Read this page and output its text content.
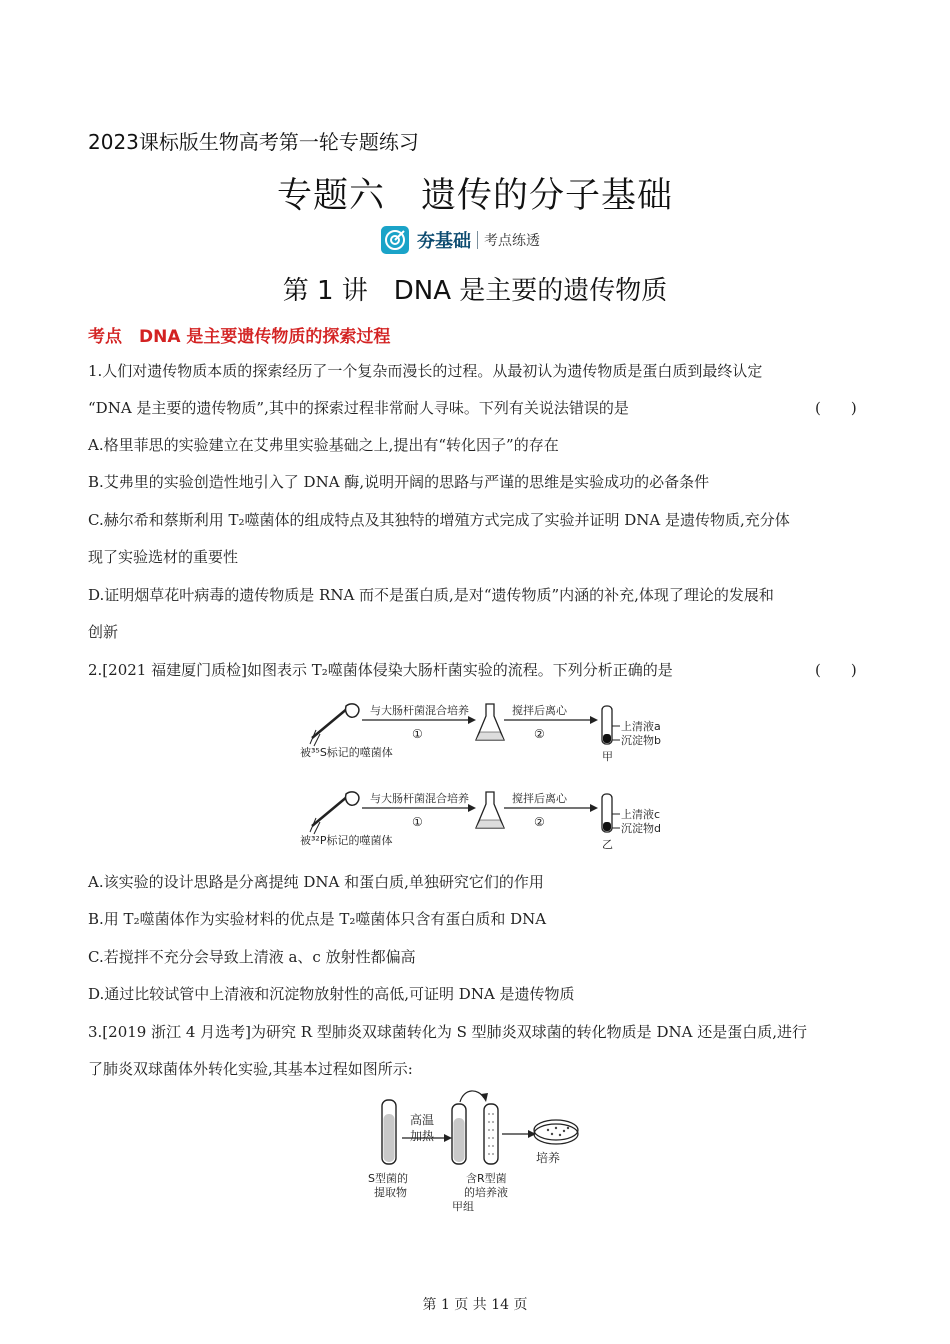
2023课标版生物高考第一轮专题练习
专题六　遗传的分子基础
夯基础 考点练透
第 1 讲　DNA 是主要的遗传物质
考点　DNA 是主要遗传物质的探索过程
1.人们对遗传物质本质的探索经历了一个复杂而漫长的过程。从最初认为遗传物质是蛋白质到最终认定
“DNA 是主要的遗传物质”,其中的探索过程非常耐人寻味。下列有关说法错误的是	(　　)
A.格里菲思的实验建立在艾弗里实验基础之上,提出有“转化因子”的存在
B.艾弗里的实验创造性地引入了 DNA 酶,说明开阔的思路与严谨的思维是实验成功的必备条件
C.赫尔希和蔡斯利用 T₂噬菌体的组成特点及其独特的增殖方式完成了实验并证明 DNA 是遗传物质,充分体
现了实验选材的重要性
D.证明烟草花叶病毒的遗传物质是 RNA 而不是蛋白质,是对“遗传物质”内涵的补充,体现了理论的发展和
创新
2.[2021 福建厦门质检]如图表示 T₂噬菌体侵染大肠杆菌实验的流程。下列分析正确的是	(　　)
与大肠杆菌混合培养
①
搅拌后离心
②
上清液a
沉淀物b
甲
被³⁵S标记的噬菌体
与大肠杆菌混合培养
①
搅拌后离心
②
上清液c
沉淀物d
乙
被³²P标记的噬菌体
A.该实验的设计思路是分离提纯 DNA 和蛋白质,单独研究它们的作用
B.用 T₂噬菌体作为实验材料的优点是 T₂噬菌体只含有蛋白质和 DNA
C.若搅拌不充分会导致上清液 a、c 放射性都偏高
D.通过比较试管中上清液和沉淀物放射性的高低,可证明 DNA 是遗传物质
3.[2019 浙江 4 月选考]为研究 R 型肺炎双球菌转化为 S 型肺炎双球菌的转化物质是 DNA 还是蛋白质,进行
了肺炎双球菌体外转化实验,其基本过程如图所示:
高温
加热
培养
S型菌的
提取物
含R型菌
的培养液
甲组
第 1 页 共 14 页
